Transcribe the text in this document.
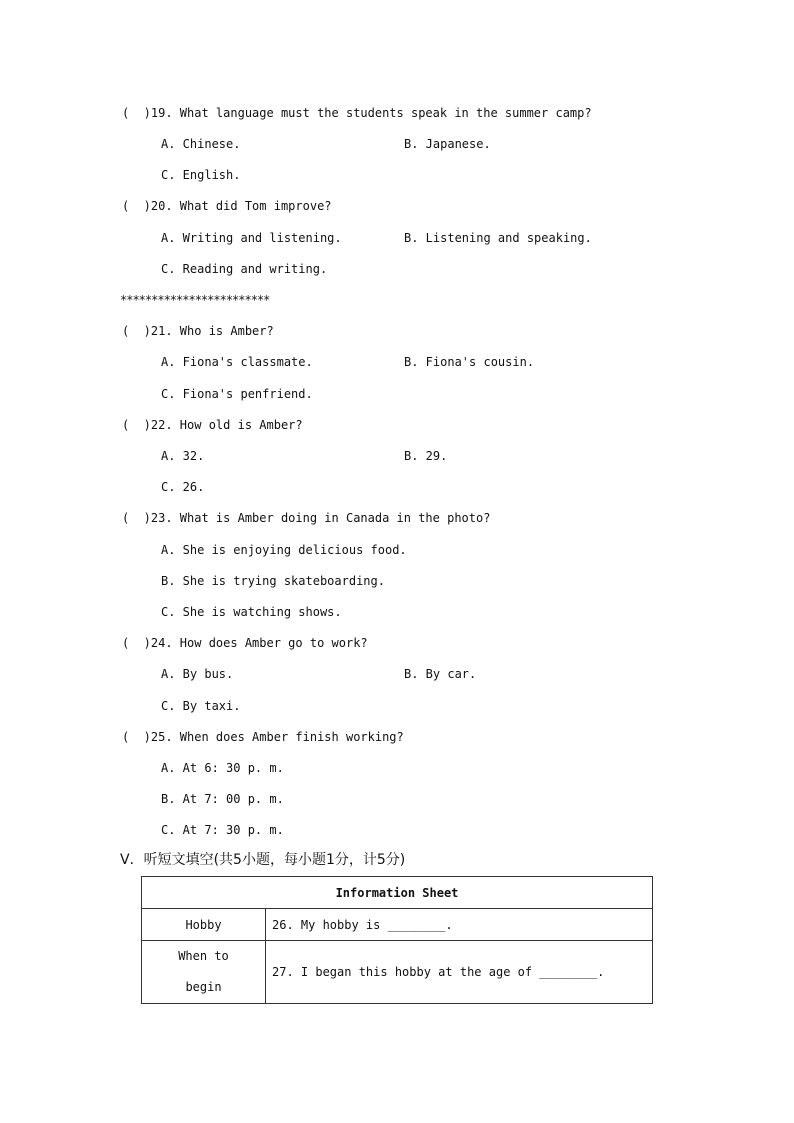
(  )19. What language must the students speak in the summer camp?
A. Chinese.	B. Japanese.
C. English.
(  )20. What did Tom improve?
A. Writing and listening.	B. Listening and speaking.
C. Reading and writing.
************************
(  )21. Who is Amber?
A. Fiona's classmate.	B. Fiona's cousin.
C. Fiona's penfriend.
(  )22. How old is Amber?
A. 32.	B. 29.
C. 26.
(  )23. What is Amber doing in Canada in the photo?
A. She is enjoying delicious food.
B. She is trying skateboarding.
C. She is watching shows.
(  )24. How does Amber go to work?
A. By bus.	B. By car.
C. By taxi.
(  )25. When does Amber finish working?
A. At 6: 30 p. m.
B. At 7: 00 p. m.
C. At 7: 30 p. m.
V．听短文填空(共5小题，每小题1分，计5分)
Information Sheet	
Hobby	26. My hobby is ________.

When to
begin	27. I began this hobby at the age of ________.
